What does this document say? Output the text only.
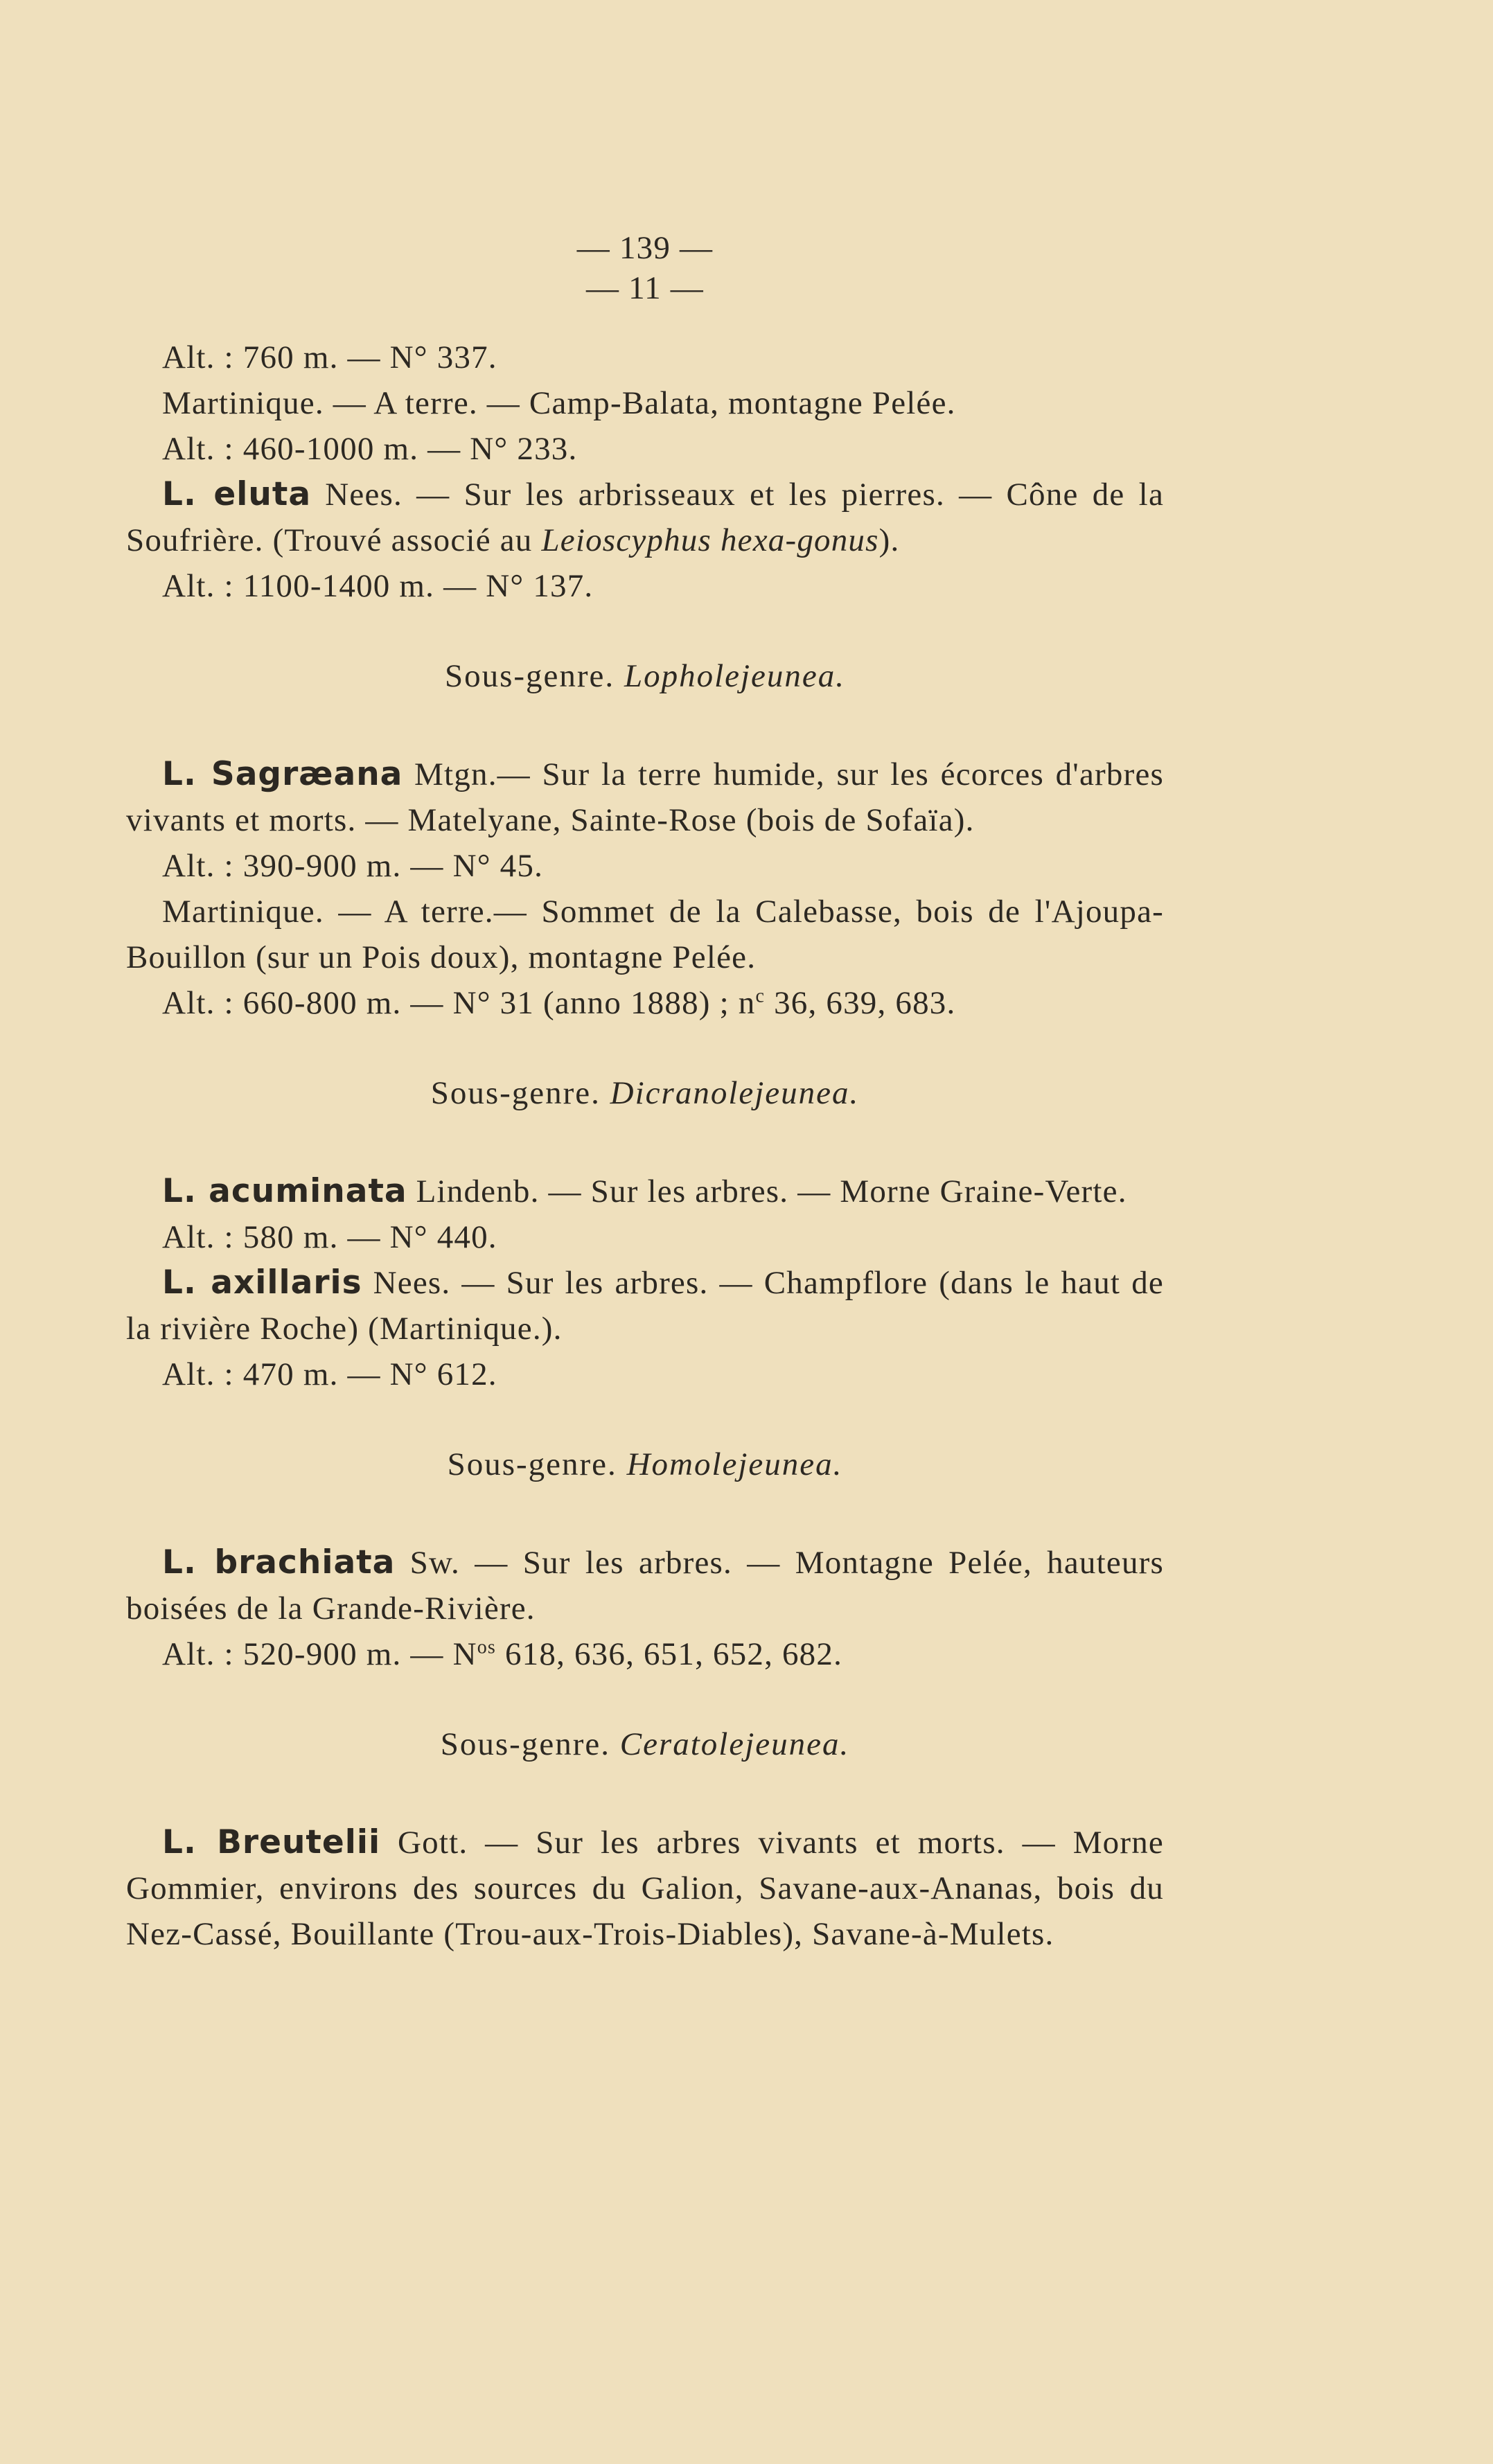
— 139 —

— 11 —

Alt. : 760 m. — N° 337.

Martinique. — A terre. — Camp-Balata, montagne Pelée.

Alt. : 460-1000 m. — N° 233.

L. eluta Nees. — Sur les arbrisseaux et les pierres. — Cône de la Soufrière. (Trouvé associé au Leioscyphus hexa-gonus).

Alt. : 1100-1400 m. — N° 137.

Sous-genre. Lopholejeunea.

L. Sagræana Mtgn.— Sur la terre humide, sur les écorces d'arbres vivants et morts. — Matelyane, Sainte-Rose (bois de Sofaïa).

Alt. : 390-900 m. — N° 45.

Martinique. — A terre.— Sommet de la Calebasse, bois de l'Ajoupa-Bouillon (sur un Pois doux), montagne Pelée.

Alt. : 660-800 m. — N° 31 (anno 1888) ; $n^c$ 36, 639, 683.

Sous-genre. Dicranolejeunea.

L. acuminata Lindenb. — Sur les arbres. — Morne Graine-Verte.

Alt. : 580 m. — N° 440.

L. axillaris Nees. — Sur les arbres. — Champflore (dans le haut de la rivière Roche) (Martinique.).

Alt. : 470 m. — N° 612.

Sous-genre. Homolejeunea.

L. brachiata Sw. — Sur les arbres. — Montagne Pelée, hauteurs boisées de la Grande-Rivière.

Alt. : 520-900 m. — $N^{os}$ 618, 636, 651, 652, 682.

Sous-genre. Ceratolejeunea.

L. Breutelii Gott. — Sur les arbres vivants et morts. — Morne Gommier, environs des sources du Galion, Savane-aux-Ananas, bois du Nez-Cassé, Bouillante (Trou-aux-Trois-Diables), Savane-à-Mulets.
